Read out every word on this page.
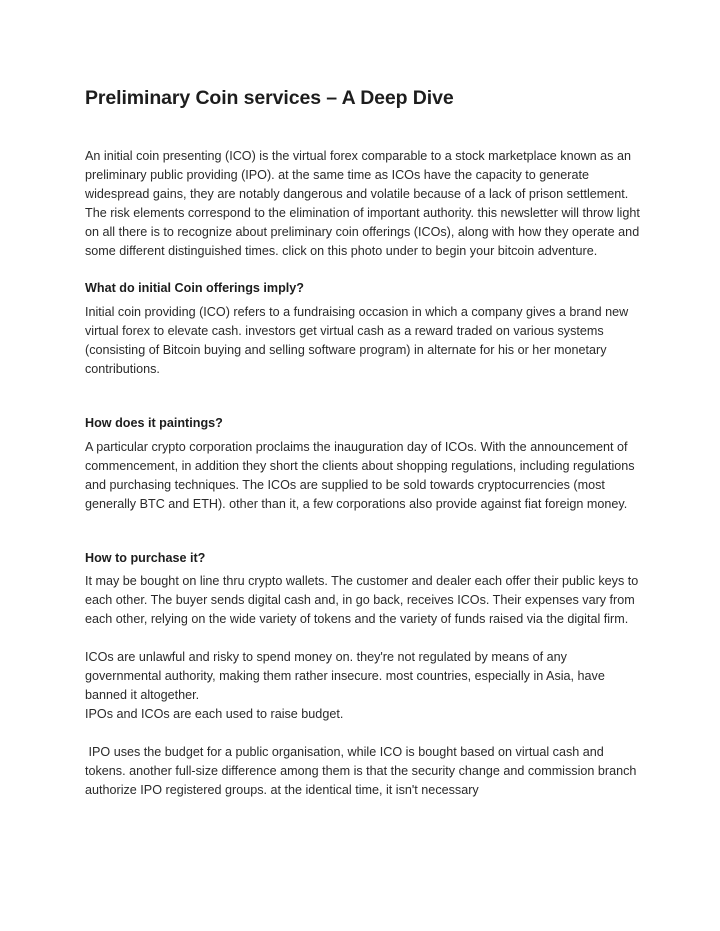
Preliminary Coin services – A Deep Dive

An initial coin presenting (ICO) is the virtual forex comparable to a stock marketplace known as an preliminary public providing (IPO). at the same time as ICOs have the capacity to generate widespread gains, they are notably dangerous and volatile because of a lack of prison settlement. The risk elements correspond to the elimination of important authority. this newsletter will throw light on all there is to recognize about preliminary coin offerings (ICOs), along with how they operate and some different distinguished times. click on this photo under to begin your bitcoin adventure.

What do initial Coin offerings imply?

Initial coin providing (ICO) refers to a fundraising occasion in which a company gives a brand new virtual forex to elevate cash. investors get virtual cash as a reward traded on various systems (consisting of Bitcoin buying and selling software program) in alternate for his or her monetary contributions.

How does it paintings?

A particular crypto corporation proclaims the inauguration day of ICOs. With the announcement of commencement, in addition they short the clients about shopping regulations, including regulations and purchasing techniques. The ICOs are supplied to be sold towards cryptocurrencies (most generally BTC and ETH). other than it, a few corporations also provide against fiat foreign money.

How to purchase it?

It may be bought on line thru crypto wallets. The customer and dealer each offer their public keys to each other. The buyer sends digital cash and, in go back, receives ICOs. Their expenses vary from each other, relying on the wide variety of tokens and the variety of funds raised via the digital firm.

ICOs are unlawful and risky to spend money on. they're not regulated by means of any governmental authority, making them rather insecure. most countries, especially in Asia, have banned it altogether.

IPOs and ICOs are each used to raise budget.

IPO uses the budget for a public organisation, while ICO is bought based on virtual cash and tokens. another full-size difference among them is that the security change and commission branch authorize IPO registered groups. at the identical time, it isn't necessary
